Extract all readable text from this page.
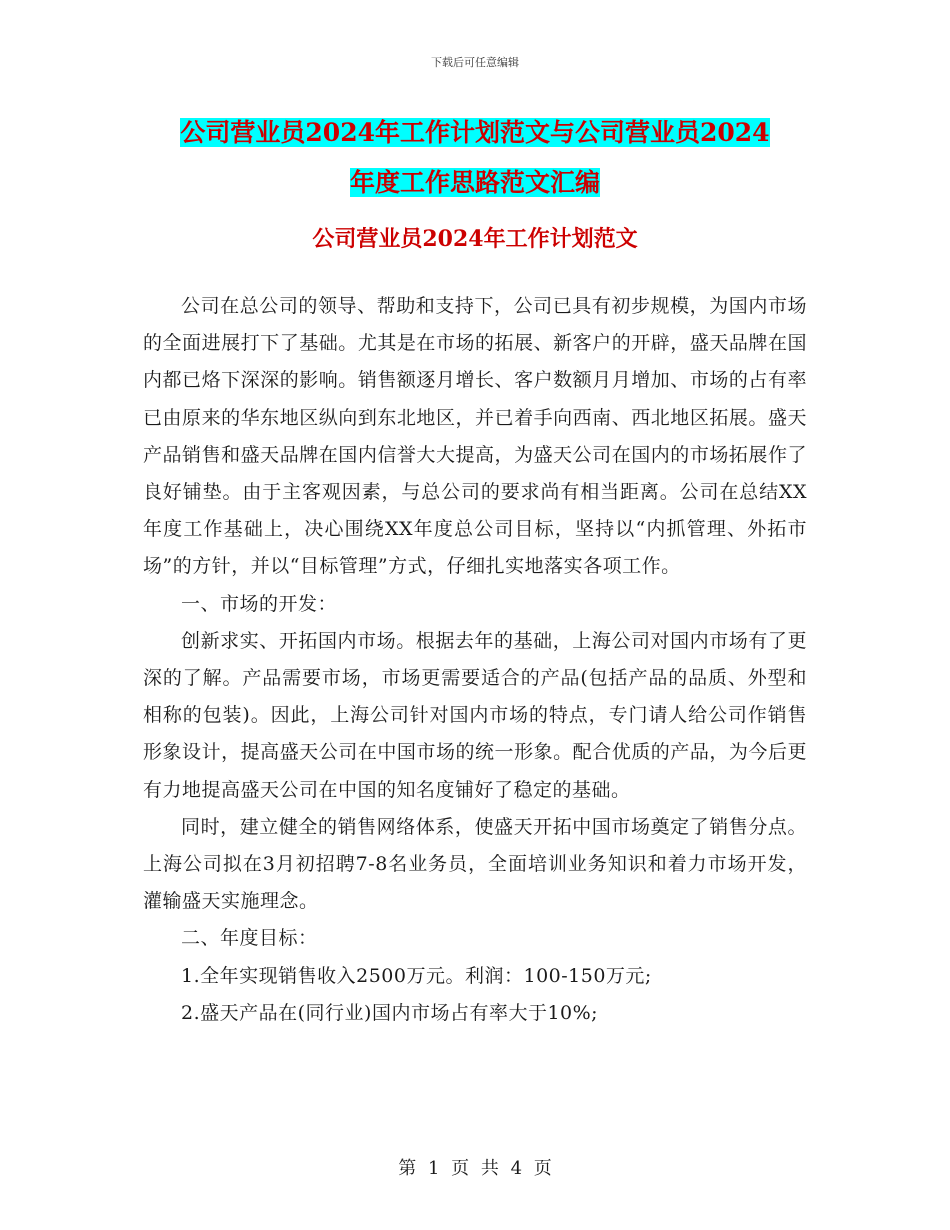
下载后可任意编辑
公司营业员2024年工作计划范文与公司营业员2024
年度工作思路范文汇编
公司营业员2024年工作计划范文

公司在总公司的领导、帮助和支持下，公司已具有初步规模，为国内市场的全面进展打下了基础。尤其是在市场的拓展、新客户的开辟，盛天品牌在国内都已烙下深深的影响。销售额逐月增长、客户数额月月增加、市场的占有率已由原来的华东地区纵向到东北地区，并已着手向西南、西北地区拓展。盛天产品销售和盛天品牌在国内信誉大大提高，为盛天公司在国内的市场拓展作了良好铺垫。由于主客观因素，与总公司的要求尚有相当距离。公司在总结XX年度工作基础上，决心围绕XX年度总公司目标，坚持以“内抓管理、外拓市场”的方针，并以“目标管理”方式，仔细扎实地落实各项工作。

一、市场的开发：

创新求实、开拓国内市场。根据去年的基础，上海公司对国内市场有了更深的了解。产品需要市场，市场更需要适合的产品(包括产品的品质、外型和相称的包装)。因此，上海公司针对国内市场的特点，专门请人给公司作销售形象设计，提高盛天公司在中国市场的统一形象。配合优质的产品，为今后更有力地提高盛天公司在中国的知名度铺好了稳定的基础。

同时，建立健全的销售网络体系，使盛天开拓中国市场奠定了销售分点。上海公司拟在3月初招聘7-8名业务员，全面培训业务知识和着力市场开发，灌输盛天实施理念。

二、年度目标：

1.全年实现销售收入2500万元。利润：100-150万元;

2.盛天产品在(同行业)国内市场占有率大于10%;

第 1 页 共 4 页
